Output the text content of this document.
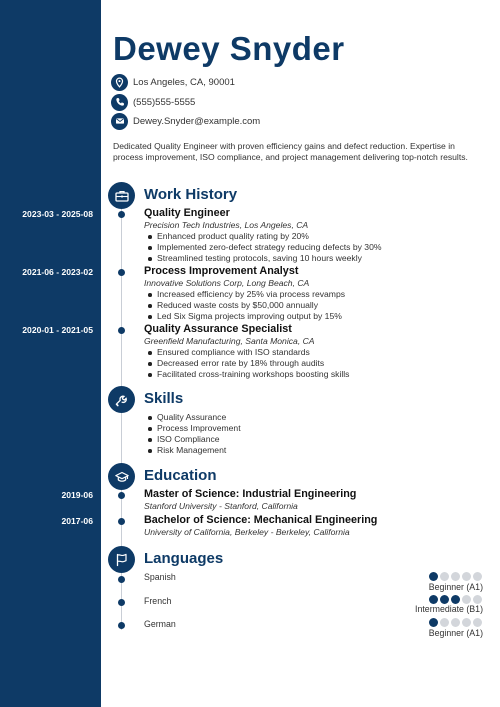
Dewey Snyder
Los Angeles, CA, 90001
(555)555-5555
Dewey.Snyder@example.com
Dedicated Quality Engineer with proven efficiency gains and defect reduction. Expertise in process improvement, ISO compliance, and project management delivering top-notch results.
Work History
2023-03 - 2025-08	Quality Engineer
Precision Tech Industries, Los Angeles, CA
Enhanced product quality rating by 20%
Implemented zero-defect strategy reducing defects by 30%
Streamlined testing protocols, saving 10 hours weekly
2021-06 - 2023-02	Process Improvement Analyst
Innovative Solutions Corp, Long Beach, CA
Increased efficiency by 25% via process revamps
Reduced waste costs by $50,000 annually
Led Six Sigma projects improving output by 15%
2020-01 - 2021-05	Quality Assurance Specialist
Greenfield Manufacturing, Santa Monica, CA
Ensured compliance with ISO standards
Decreased error rate by 18% through audits
Facilitated cross-training workshops boosting skills
Skills
Quality Assurance
Process Improvement
ISO Compliance
Risk Management
Education
2019-06	Master of Science: Industrial Engineering
Stanford University - Stanford, California
2017-06	Bachelor of Science: Mechanical Engineering
University of California, Berkeley - Berkeley, California
Languages
Spanish
Beginner (A1)
French
Intermediate (B1)
German
Beginner (A1)
